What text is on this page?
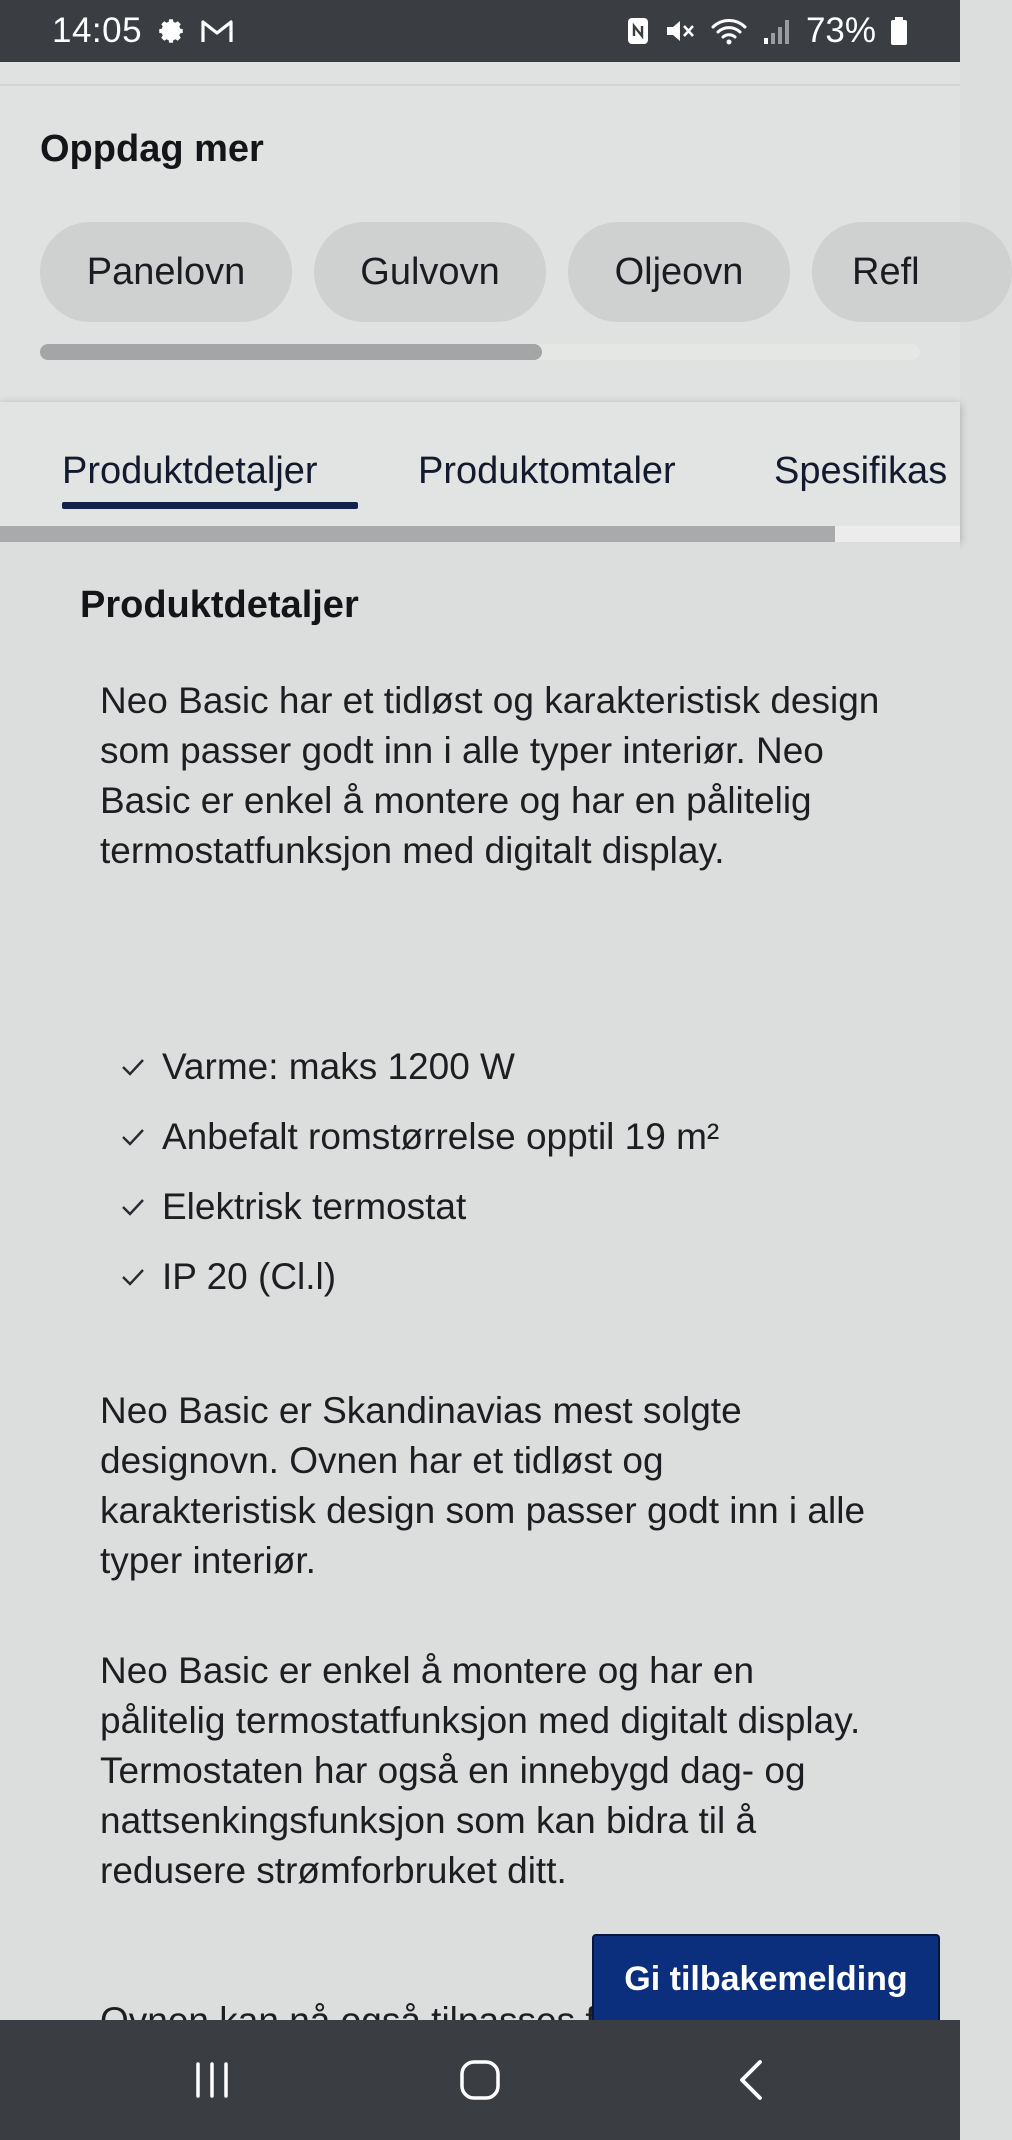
14:05	73%
Oppdag mer
Panelovn	Gulvovn	Oljeovn	Refl
Produktdetaljer	Produktomtaler	Spesifikas
Produktdetaljer
Neo Basic har et tidløst og karakteristisk design som passer godt inn i alle typer interiør. Neo Basic er enkel å montere og har en pålitelig termostatfunksjon med digitalt display.
Varme: maks 1200 W
Anbefalt romstørrelse opptil 19 m²
Elektrisk termostat
IP 20 (Cl.l)
Neo Basic er Skandinavias mest solgte designovn. Ovnen har et tidløst og karakteristisk design som passer godt inn i alle typer interiør.
Neo Basic er enkel å montere og har en pålitelig termostatfunksjon med digitalt display. Termostaten har også en innebygd dag- og nattsenkingsfunksjon som kan bidra til å redusere strømforbruket ditt.
Gi tilbakemelding
